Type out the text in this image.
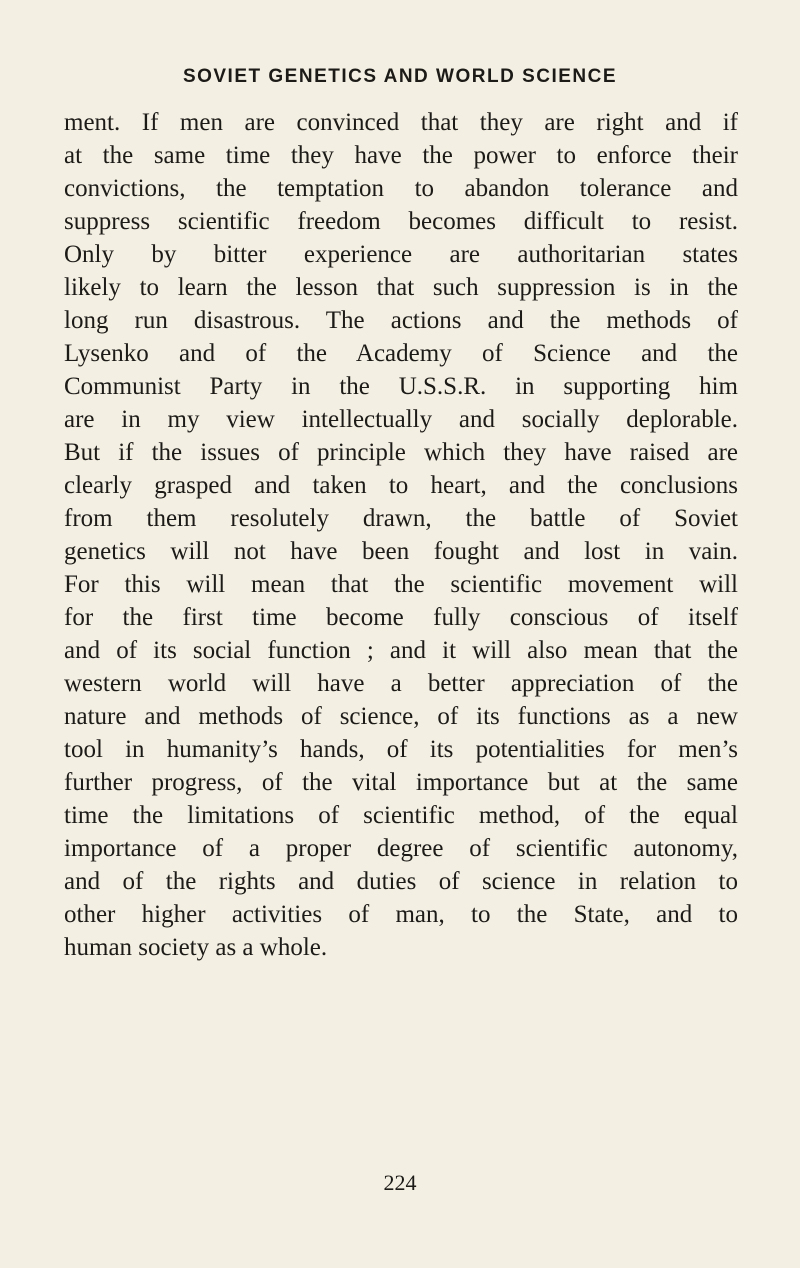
SOVIET GENETICS AND WORLD SCIENCE
ment. If men are convinced that they are right and if
at the same time they have the power to enforce their
convictions, the temptation to abandon tolerance and
suppress scientific freedom becomes difficult to resist.
Only by bitter experience are authoritarian states
likely to learn the lesson that such suppression is in the
long run disastrous. The actions and the methods of
Lysenko and of the Academy of Science and the
Communist Party in the U.S.S.R. in supporting him
are in my view intellectually and socially deplorable.
But if the issues of principle which they have raised are
clearly grasped and taken to heart, and the conclusions
from them resolutely drawn, the battle of Soviet
genetics will not have been fought and lost in vain.
For this will mean that the scientific movement will
for the first time become fully conscious of itself
and of its social function ; and it will also mean that the
western world will have a better appreciation of the
nature and methods of science, of its functions as a new
tool in humanity’s hands, of its potentialities for men’s
further progress, of the vital importance but at the same
time the limitations of scientific method, of the equal
importance of a proper degree of scientific autonomy,
and of the rights and duties of science in relation to
other higher activities of man, to the State, and to
human society as a whole.
224
